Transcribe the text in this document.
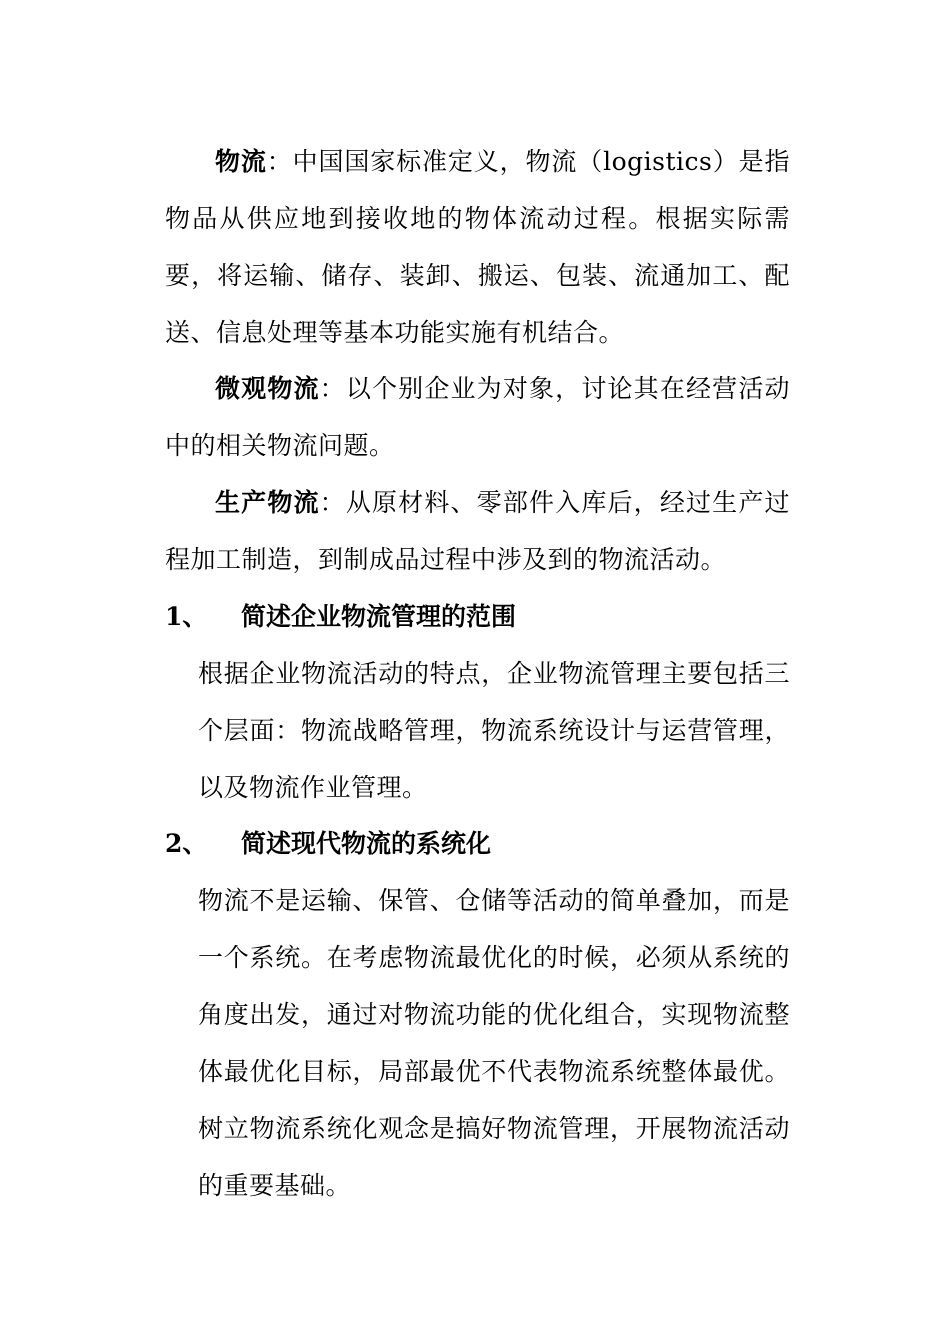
物流：中国国家标准定义，物流（logistics）是指物品从供应地到接收地的物体流动过程。根据实际需要，将运输、储存、装卸、搬运、包装、流通加工、配送、信息处理等基本功能实施有机结合。

微观物流：以个别企业为对象，讨论其在经营活动中的相关物流问题。

生产物流：从原材料、零部件入库后，经过生产过程加工制造，到制成品过程中涉及到的物流活动。

1、 简述企业物流管理的范围

根据企业物流活动的特点，企业物流管理主要包括三个层面：物流战略管理，物流系统设计与运营管理，以及物流作业管理。

2、 简述现代物流的系统化

物流不是运输、保管、仓储等活动的简单叠加，而是一个系统。在考虑物流最优化的时候，必须从系统的角度出发，通过对物流功能的优化组合，实现物流整体最优化目标，局部最优不代表物流系统整体最优。树立物流系统化观念是搞好物流管理，开展物流活动的重要基础。
